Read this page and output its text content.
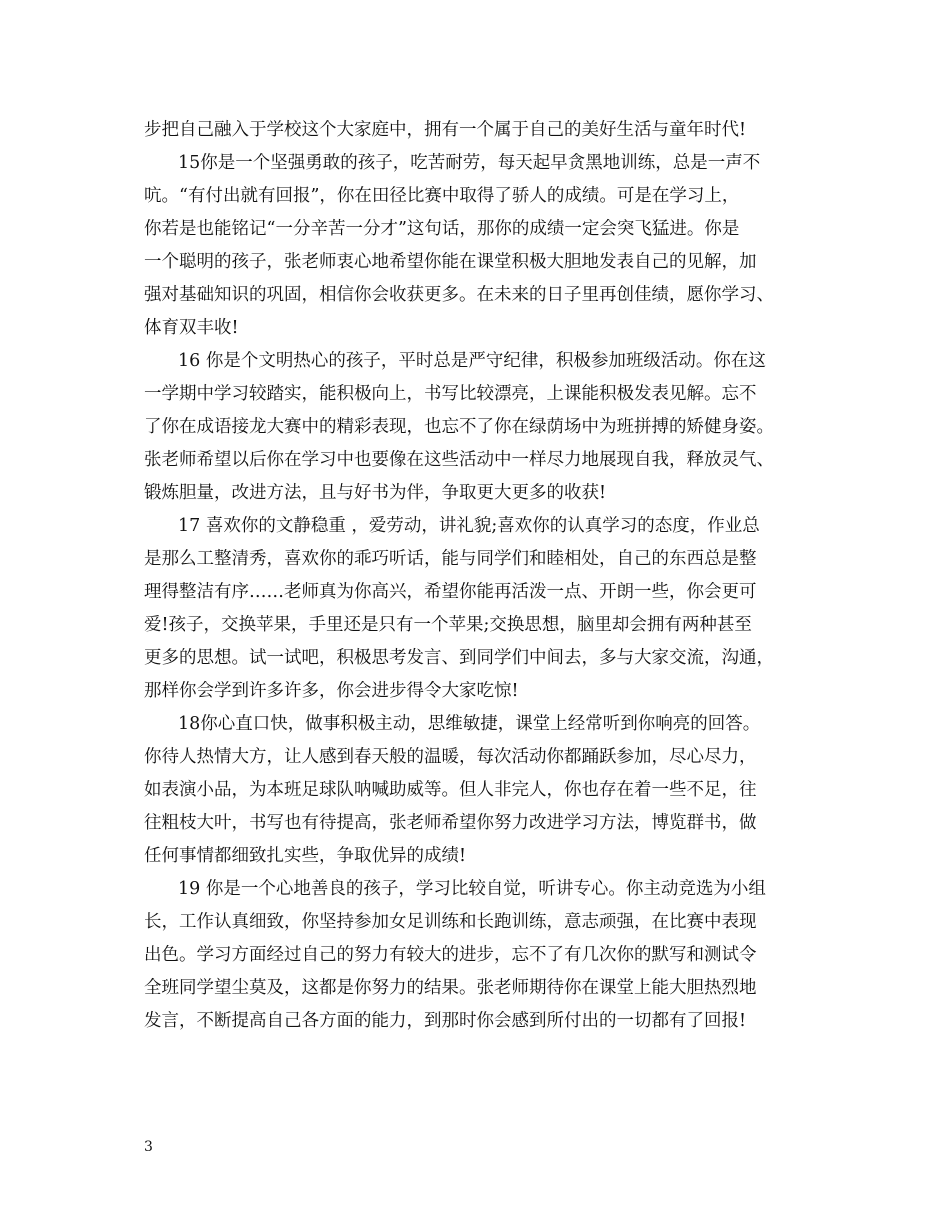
步把自己融入于学校这个大家庭中，拥有一个属于自己的美好生活与童年时代!
15你是一个坚强勇敢的孩子，吃苦耐劳，每天起早贪黑地训练，总是一声不
吭。“有付出就有回报”，你在田径比赛中取得了骄人的成绩。可是在学习上，
你若是也能铭记“一分辛苦一分才”这句话，那你的成绩一定会突飞猛进。你是
一个聪明的孩子，张老师衷心地希望你能在课堂积极大胆地发表自己的见解，加
强对基础知识的巩固，相信你会收获更多。在未来的日子里再创佳绩，愿你学习、
体育双丰收!
16 你是个文明热心的孩子，平时总是严守纪律，积极参加班级活动。你在这
一学期中学习较踏实，能积极向上，书写比较漂亮，上课能积极发表见解。忘不
了你在成语接龙大赛中的精彩表现，也忘不了你在绿荫场中为班拼搏的矫健身姿。
张老师希望以后你在学习中也要像在这些活动中一样尽力地展现自我，释放灵气、
锻炼胆量，改进方法，且与好书为伴，争取更大更多的收获!
17 喜欢你的文静稳重 ，爱劳动，讲礼貌;喜欢你的认真学习的态度，作业总
是那么工整清秀，喜欢你的乖巧听话，能与同学们和睦相处，自己的东西总是整
理得整洁有序……老师真为你高兴，希望你能再活泼一点、开朗一些，你会更可
爱!孩子，交换苹果，手里还是只有一个苹果;交换思想，脑里却会拥有两种甚至
更多的思想。试一试吧，积极思考发言、到同学们中间去，多与大家交流，沟通，
那样你会学到许多许多，你会进步得令大家吃惊!
18你心直口快，做事积极主动，思维敏捷，课堂上经常听到你响亮的回答。
你待人热情大方，让人感到春天般的温暖，每次活动你都踊跃参加，尽心尽力，
如表演小品，为本班足球队呐喊助威等。但人非完人，你也存在着一些不足，往
往粗枝大叶，书写也有待提高，张老师希望你努力改进学习方法，博览群书，做
任何事情都细致扎实些，争取优异的成绩!
19 你是一个心地善良的孩子，学习比较自觉，听讲专心。你主动竞选为小组
长，工作认真细致，你坚持参加女足训练和长跑训练，意志顽强，在比赛中表现
出色。学习方面经过自己的努力有较大的进步，忘不了有几次你的默写和测试令
全班同学望尘莫及，这都是你努力的结果。张老师期待你在课堂上能大胆热烈地
发言，不断提高自己各方面的能力，到那时你会感到所付出的一切都有了回报!
3
